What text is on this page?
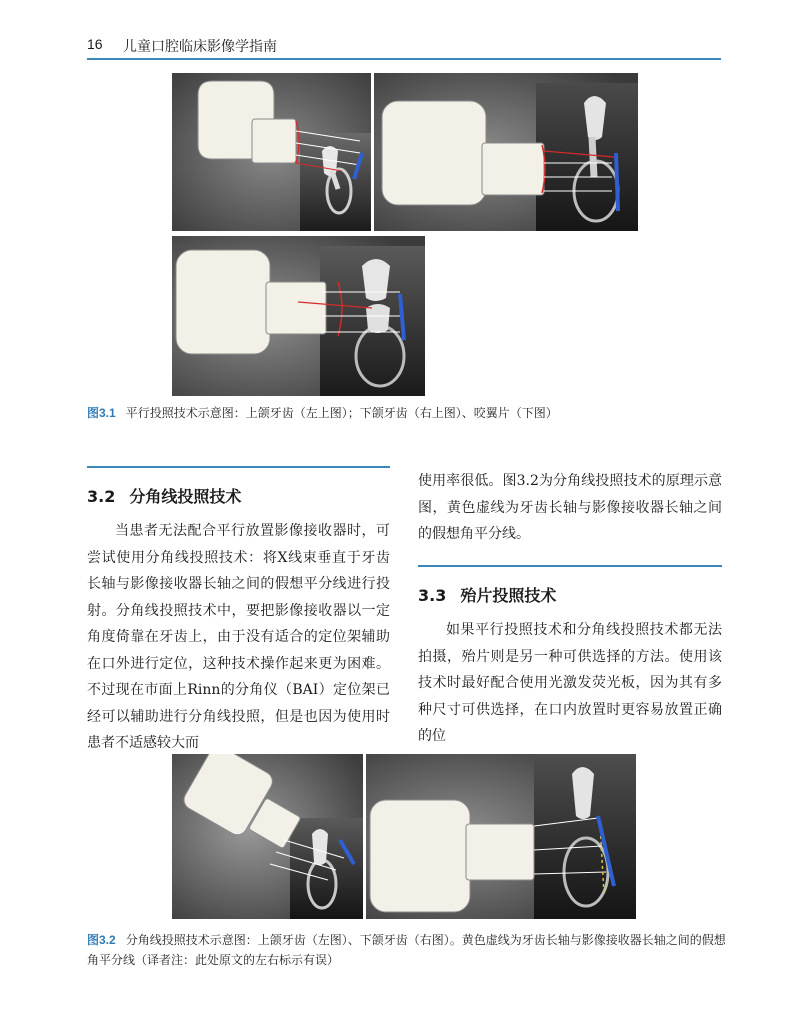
16 儿童口腔临床影像学指南
图3.1 平行投照技术示意图：上颌牙齿（左上图）；下颌牙齿（右上图）、咬翼片（下图）
3.2 分角线投照技术
当患者无法配合平行放置影像接收器时，可尝试使用分角线投照技术：将X线束垂直于牙齿长轴与影像接收器长轴之间的假想平分线进行投射。分角线投照技术中，要把影像接收器以一定角度倚靠在牙齿上，由于没有适合的定位架辅助在口外进行定位，这种技术操作起来更为困难。不过现在市面上Rinn的分角仪（BAI）定位架已经可以辅助进行分角线投照，但是也因为使用时患者不适感较大而
使用率很低。图3.2为分角线投照技术的原理示意图，黄色虚线为牙齿长轴与影像接收器长轴之间的假想角平分线。
3.3 殆片投照技术
如果平行投照技术和分角线投照技术都无法拍摄，殆片则是另一种可供选择的方法。使用该技术时最好配合使用光激发荧光板，因为其有多种尺寸可供选择，在口内放置时更容易放置正确的位
图3.2 分角线投照技术示意图：上颌牙齿（左图）、下颌牙齿（右图）。黄色虚线为牙齿长轴与影像接收器长轴之间的假想角平分线（译者注：此处原文的左右标示有误）
